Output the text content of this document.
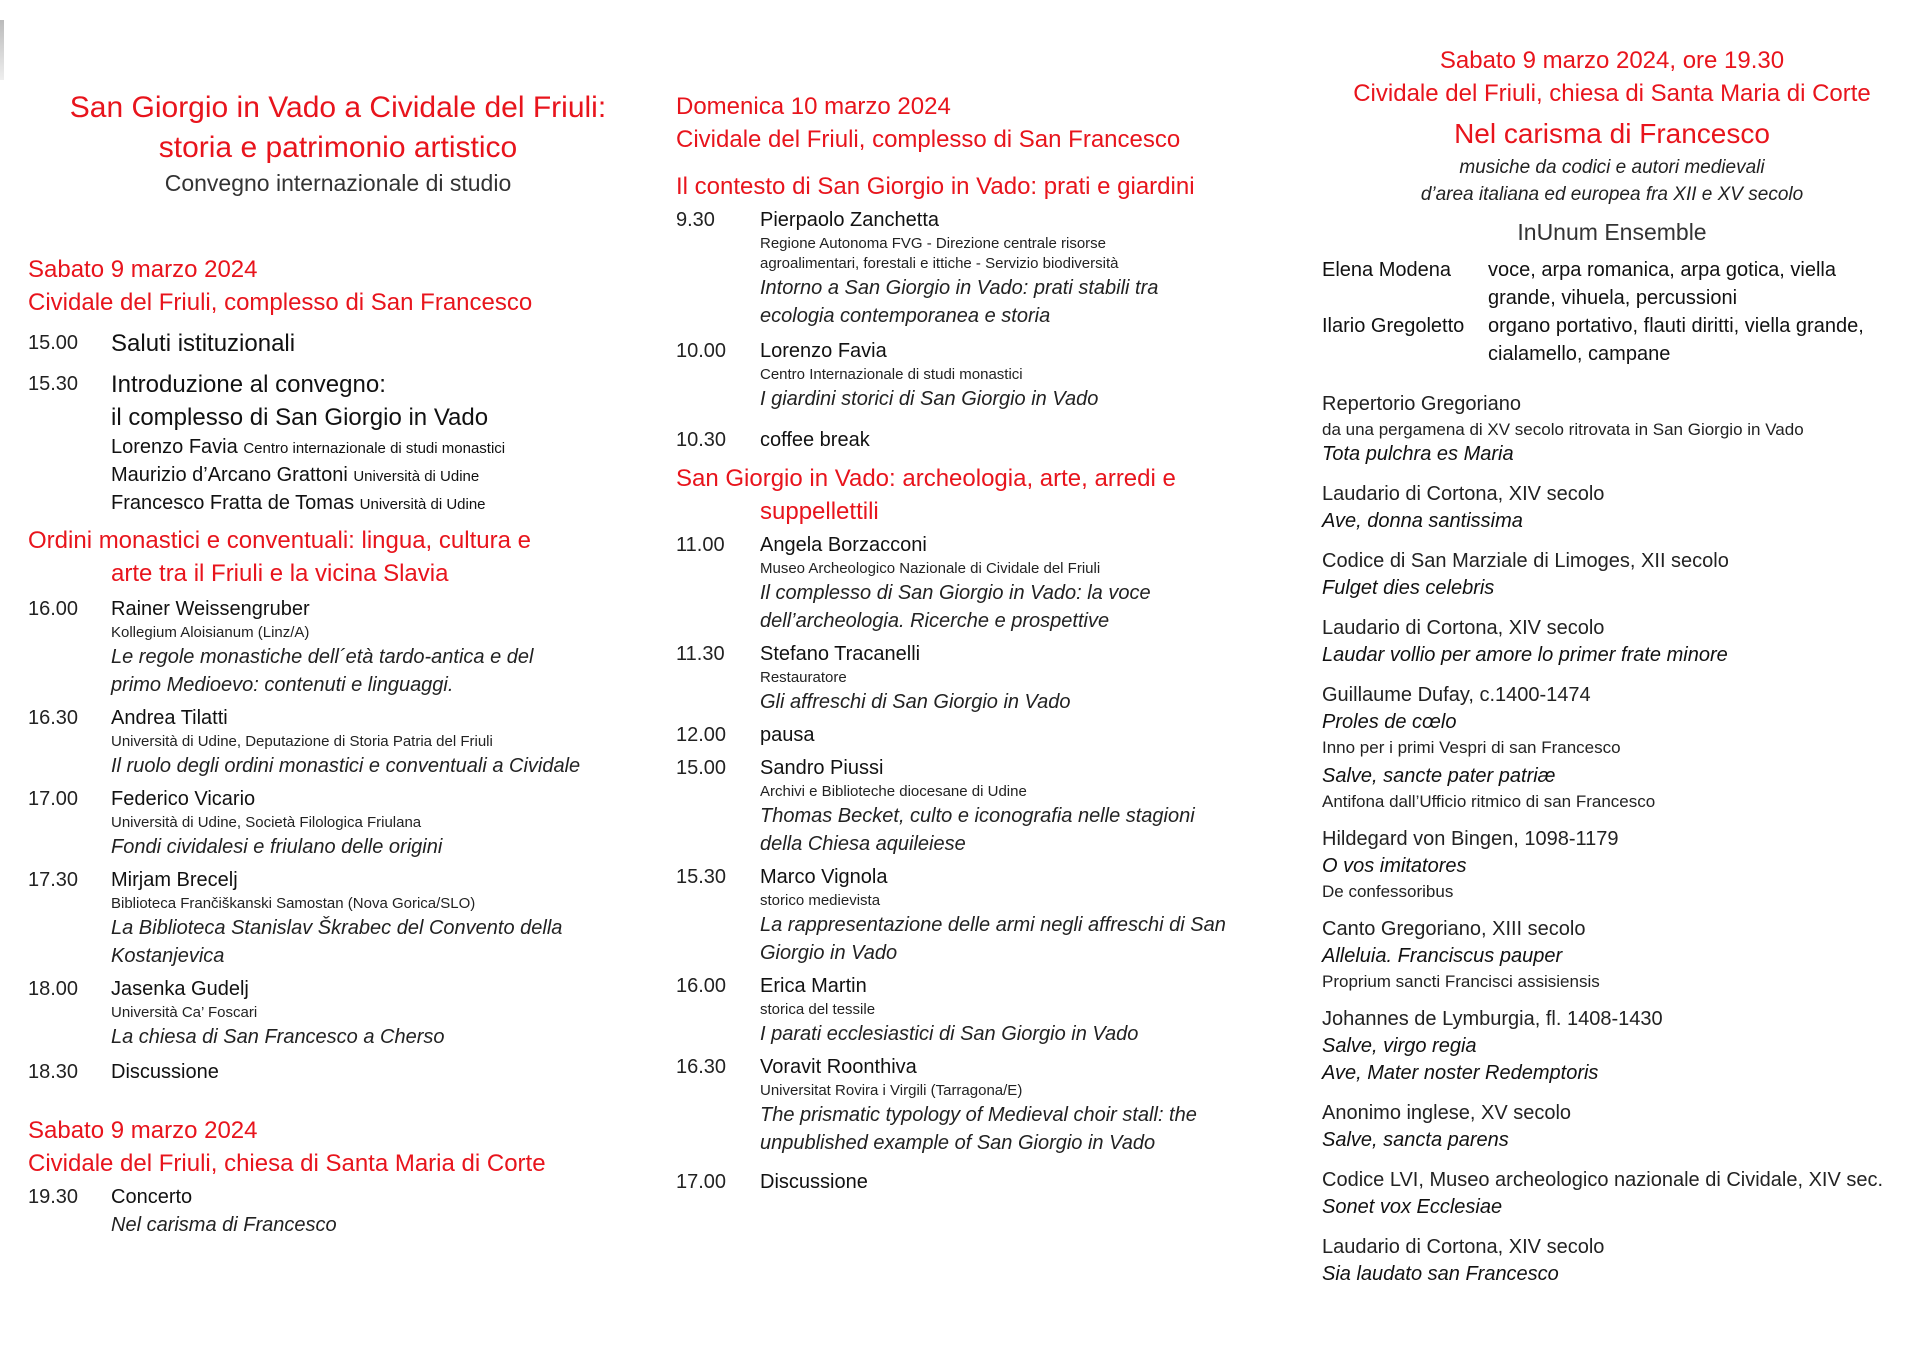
San Giorgio in Vado a Cividale del Friuli:
storia e patrimonio artistico
Convegno internazionale di studio
Sabato 9 marzo 2024
Cividale del Friuli, complesso di San Francesco
15.00	Saluti istituzionali
15.30	Introduzione al convegno:
il complesso di San Giorgio in Vado
Lorenzo Favia Centro internazionale di studi monastici
Maurizio d’Arcano Grattoni Università di Udine
Francesco Fratta de Tomas Università di Udine
Ordini monastici e conventuali: lingua, cultura e
arte tra il Friuli e la vicina Slavia
16.00	Rainer Weissengruber
Kollegium Aloisianum (Linz/A)
Le regole monastiche dell´età tardo-antica e del
primo Medioevo: contenuti e linguaggi.
16.30	Andrea Tilatti
Università di Udine, Deputazione di Storia Patria del Friuli
Il ruolo degli ordini monastici e conventuali a Cividale
17.00	Federico Vicario
Università di Udine, Società Filologica Friulana
Fondi cividalesi e friulano delle origini
17.30	Mirjam Brecelj
Biblioteca Frančiškanski Samostan (Nova Gorica/SLO)
La Biblioteca Stanislav Škrabec del Convento della
Kostanjevica
18.00	Jasenka Gudelj
Università Ca’ Foscari
La chiesa di San Francesco a Cherso
18.30	Discussione
Sabato 9 marzo 2024
Cividale del Friuli, chiesa di Santa Maria di Corte
19.30	Concerto
Nel carisma di Francesco
Domenica 10 marzo 2024
Cividale del Friuli, complesso di San Francesco
Il contesto di San Giorgio in Vado: prati e giardini
9.30	Pierpaolo Zanchetta
Regione Autonoma FVG - Direzione centrale risorse
agroalimentari, forestali e ittiche - Servizio biodiversità
Intorno a San Giorgio in Vado: prati stabili tra
ecologia contemporanea e storia
10.00	Lorenzo Favia
Centro Internazionale di studi monastici
I giardini storici di San Giorgio in Vado
10.30	coffee break
San Giorgio in Vado: archeologia, arte, arredi e
suppellettili
11.00	Angela Borzacconi
Museo Archeologico Nazionale di Cividale del Friuli
Il complesso di San Giorgio in Vado: la voce
dell’archeologia. Ricerche e prospettive
11.30	Stefano Tracanelli
Restauratore
Gli affreschi di San Giorgio in Vado
12.00	pausa
15.00	Sandro Piussi
Archivi e Biblioteche diocesane di Udine
Thomas Becket, culto e iconografia nelle stagioni
della Chiesa aquileiese
15.30	Marco Vignola
storico medievista
La rappresentazione delle armi negli affreschi di San
Giorgio in Vado
16.00	Erica Martin
storica del tessile
I parati ecclesiastici di San Giorgio in Vado
16.30	Voravit Roonthiva
Universitat Rovira i Virgili (Tarragona/E)
The prismatic typology of Medieval choir stall: the
unpublished example of San Giorgio in Vado
17.00	Discussione
Sabato 9 marzo 2024, ore 19.30
Cividale del Friuli, chiesa di Santa Maria di Corte
Nel carisma di Francesco
musiche da codici e autori medievali
d’area italiana ed europea fra XII e XV secolo
InUnum Ensemble
Elena Modena	voce, arpa romanica, arpa gotica, viella
grande, vihuela, percussioni
Ilario Gregoletto	organo portativo, flauti diritti, viella grande,
cialamello, campane
Repertorio Gregoriano
da una pergamena di XV secolo ritrovata in San Giorgio in Vado
Tota pulchra es Maria
Laudario di Cortona, XIV secolo
Ave, donna santissima
Codice di San Marziale di Limoges, XII secolo
Fulget dies celebris
Laudario di Cortona, XIV secolo
Laudar vollio per amore lo primer frate minore
Guillaume Dufay, c.1400-1474
Proles de cœlo
Inno per i primi Vespri di san Francesco
Salve, sancte pater patriæ
Antifona dall’Ufficio ritmico di san Francesco
Hildegard von Bingen, 1098-1179
O vos imitatores
De confessoribus
Canto Gregoriano, XIII secolo
Alleluia. Franciscus pauper
Proprium sancti Francisci assisiensis
Johannes de Lymburgia, fl. 1408-1430
Salve, virgo regia
Ave, Mater noster Redemptoris
Anonimo inglese, XV secolo
Salve, sancta parens
Codice LVI, Museo archeologico nazionale di Cividale, XIV sec.
Sonet vox Ecclesiae
Laudario di Cortona, XIV secolo
Sia laudato san Francesco
